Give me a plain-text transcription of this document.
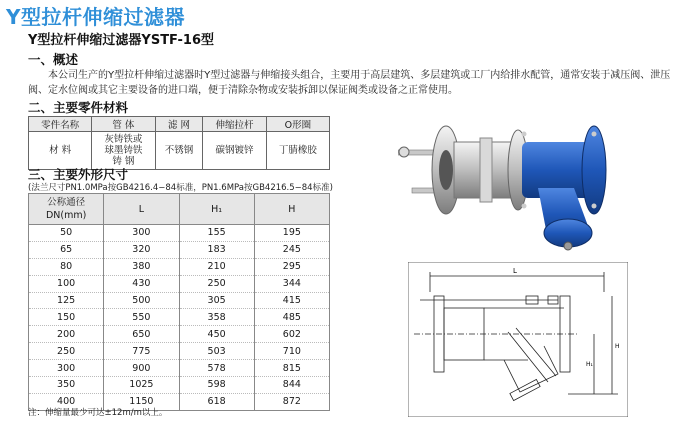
Y型拉杆伸缩过滤器
Y型拉杆伸缩过滤器YSTF-16型
一、概述
本公司生产的Y型拉杆伸缩过滤器时Y型过滤器与伸缩接头组合，主要用于高层建筑、多层建筑或工厂内给排水配管，通常安装于减压阀、泄压阀、定水位阀或其它主要设备的进口端，便于清除杂物或安装拆卸以保证阀类或设备之正常使用。
二、主要零件材料
零件名称	管 体	滤 网	伸缩拉杆	O形圈
材 料	灰铸铁或
球墨铸铁
铸 钢	不锈钢	碳钢镀锌	丁腈橡胶
三、主要外形尺寸
(法兰尺寸PN1.0MPa按GB4216.4−84标准，PN1.6MPa按GB4216.5−84标准)
公称通径
DN(mm)	L	H₁	H
50	300	155	195
65	320	183	245
80	380	210	295
100	430	250	344
125	500	305	415
150	550	358	485
200	650	450	602
250	775	503	710
300	900	578	815
350	1025	598	844
400	1150	618	872
注：伸缩量最少可达±12m/m以上。
L
H₁
H
